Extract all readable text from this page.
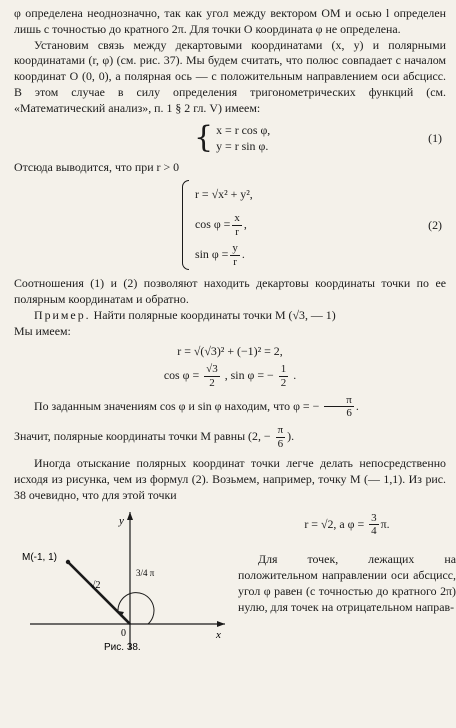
φ определена неоднозначно, так как угол между вектором OM и осью l определен лишь с точностью до кратного 2π. Для точки O координата φ не определена.

Установим связь между декартовыми координатами (x, y) и полярными координатами (r, φ) (см. рис. 37). Мы будем считать, что полюс совпадает с началом координат O (0, 0), а полярная ось — с положительным направлением оси абсцисс. В этом случае в силу определения тригонометрических функций (см. «Математический анализ», п. 1 § 2 гл. V) имеем:

{ x = r cos φ,
y = r sin φ.
(1)

Отсюда выводится, что при r > 0

r = √x² + y²,
$\cos \varphi = \frac{x}{r}$ ,
$\sin \varphi = \frac{y}{r}$ .
(2)

Соотношения (1) и (2) позволяют находить декартовы координаты точки по ее полярным координатам и обратно.

Пример. Найти полярные координаты точки M (√3, — 1)

Мы имеем:

r = √(√3)² + (−1)² = 2,
$\cos \varphi = \frac{√3}{2}$ , sin φ = − $\frac{1}{2}$ .

По заданным значениям cos φ и sin φ находим, что φ = − $\frac{\pi}{6}$ .

Значит, полярные координаты точки M равны (2, − $\frac{\pi}{6}$ ).

Иногда отыскание полярных координат точки легче делать непосредственно исходя из рисунка, чем из формул (2). Возьмем, например, точку M (— 1,1). Из рис. 38 очевидно, что для этой точки

M(-1, 1)
√2
3/4 π
y
x
0
Рис. 38.
r = √2, а $\varphi = \frac{3}{4} \pi$.

Для точек, лежащих на положительном направлении оси абсцисс, угол φ равен (с точностью до кратного 2π) нулю, для точек на отрицательном направ-
